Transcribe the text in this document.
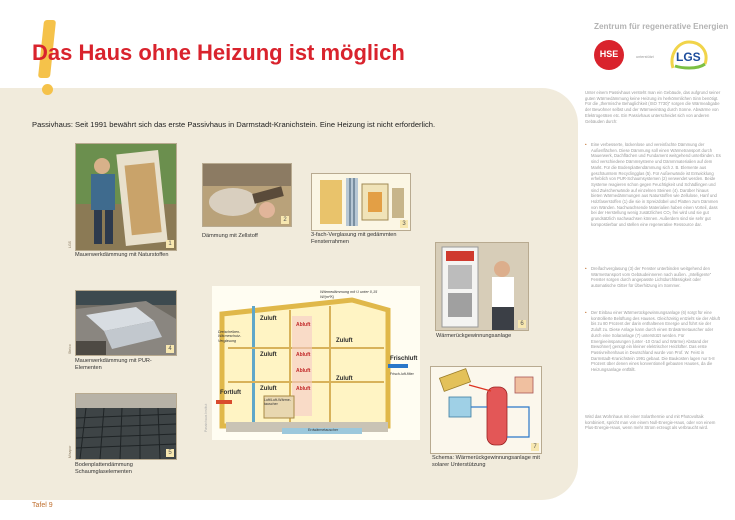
Das Haus ohne Heizung ist möglich
Passivhaus: Seit 1991 bewährt sich das erste Passivhaus in Darmstadt-Kranichstein. Eine Heizung ist nicht erforderlich.
1
LGS
Mauerwerkdämmung mit Naturstoffen
2
Dämmung mit Zellstoff
3
3-fach-Verglasung mit gedämmten Fensterrahmen
4
Steico
Mauerwerkdämmung mit PUR-Elementen
5
Misapor
Bodenplattendämmung Schaumglaselementen
Zuluft
Abluft
Zuluft	Abluft
Zuluft
Zuluft	Abluft
Zuluft
Abluft
Fortluft
Frischluft
Frisch-luft-filter
Wärmedämmung mit U unter 0,15 W/(m²K)
Dreischeiben-Wärmeschutz-Verglasung
Luft/Luft-Wärme-tauscher
Erdwärmetauscher
Passivhaus Institut
6
Wärmerückgewinnungsanlage
7
Schema: Wärmerückgewinnungsanlage mit solarer Unterstützung
Zentrum für regenerative Energien
HSE	unterstützt LGS
Unter einem Passivhaus versteht man ein Gebäude, das aufgrund seiner guten Wärmedämmung keine Heizung im herkömmlichen Sinn benötigt. Für die „thermische Behaglichkeit (ISO 7730)“ sorgen die Wärmeabgabe der Bewohner selbst und der Wärmeeintrag durch Sonne. Abwärme von Elektrogeräten etc. Ein Passivhaus unterscheidet sich von anderen Gebäuden durch:
• Eine verbesserte, lückenlose und vereinfachte Dämmung der Außenflächen. Diese Dämmung soll einen Wärmetransport durch Mauerwerk, Dachflächen und Fundament weitgehend unterbinden. Es sind verschiedene Dämmsysteme und Dämmmaterialien auf dem Markt. Für die Bodenplattendämmung sich z. B. Elemente aus geschäumtem Recyclingglas (5). Für Außenwände ist Entwicklung erheblich von PUR-Schaumsystemen (2) verwendet werden. Beide Systeme reagieren schon gegen Feuchtigkeit und Schädlingen und sind Zwischenwände auf einzelnen Steinen (4). Darüber hinaus bieten Wärmedämmungen aus Naturstoffen wie Zellulose, Hanf und Holzfaserstoffen (1) die sie in Spreizdübel und Platten zum Dämmen von Wänden. Nachwachsende Materialien haben einen Vorteil, dass bei der Herstellung wenig zusätzliches CO₂ frei wird und sie gut grundsätzlich nachwachsen können. Außerdem sind sie sehr gut kompostierbar und stellen eine regenerative Ressource dar.
• Dreifachverglasung (3) der Fenster unterbinden weitgehend den Wärmetransport vom Gebäudeinneren nach außen. „Intelligente“ Fenster sorgen durch angepasste Lichtdurchlässigkeit oder automatische Gitter für Überhitzung im Sommer.
• Der Einbau einer Wärmerückgewinnungsanlage (6) sorgt für eine kontrollierte Belüftung des Hauses. Gleichzeitig entzieht sie der Abluft bis zu 80 Prozent der darin enthaltenen Energie und führt sie der Zuluft zu. Diese Anlage kann durch einen Erdwärmetauscher oder durch eine Solaranlage (7) unterstützt werden. Für Energieeinsparungen (unter -10 Grad und Wärme) Abstand der Bewohner) genügt ein kleiner elektrischer Heizlüfter. Das erste Passivreihenhaus in Deutschland wurde von Prof. W. Feist in Darmstadt-Kranichstein 1991 gebaut. Die Baukosten lagen nur 5-8 Prozent über denen eines konventionell gebauten Hauses, da die Heizungsanlage entfällt.
Wird das Wohnhaus mit einer Solarthermie und mit Photovoltaik kombiniert, spricht man von einem Null-Energie-Haus, oder von einem Plus-Energie-Haus, wenn mehr Strom erzeugt als verbraucht wird.
Tafel 9
